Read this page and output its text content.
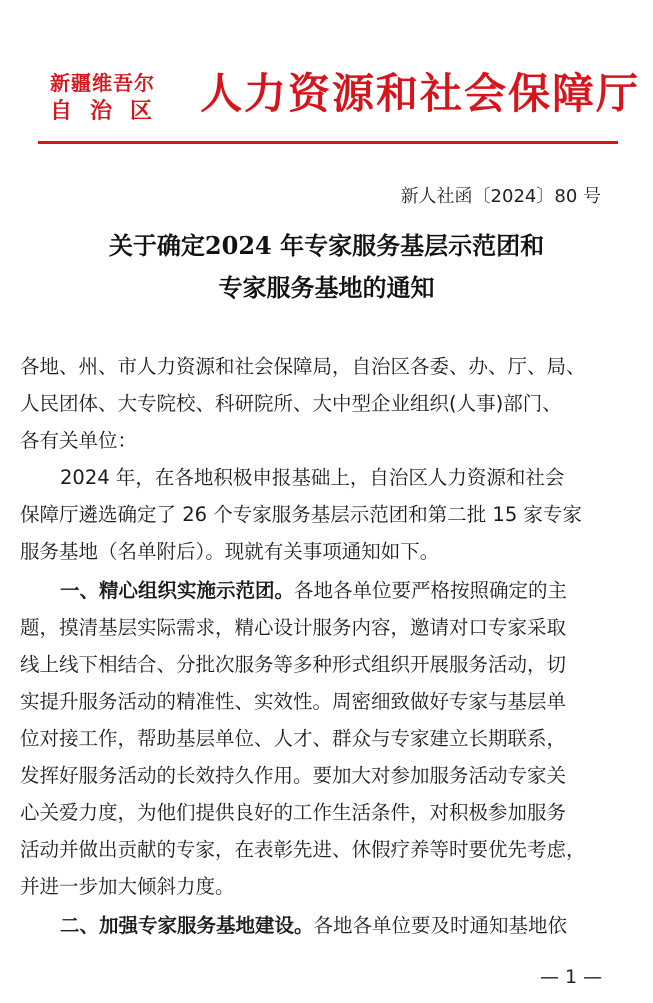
新疆维吾尔
自治区 人力资源和社会保障厅
新人社函〔2024〕80 号
关于确定2024 年专家服务基层示范团和
专家服务基地的通知
各地、州、市人力资源和社会保障局，自治区各委、办、厅、局、
人民团体、大专院校、科研院所、大中型企业组织(人事)部门、
各有关单位：
2024 年，在各地积极申报基础上，自治区人力资源和社会
保障厅遴选确定了 26 个专家服务基层示范团和第二批 15 家专家
服务基地（名单附后）。现就有关事项通知如下。
一、精心组织实施示范团。各地各单位要严格按照确定的主
题，摸清基层实际需求，精心设计服务内容，邀请对口专家采取
线上线下相结合、分批次服务等多种形式组织开展服务活动，切
实提升服务活动的精准性、实效性。周密细致做好专家与基层单
位对接工作，帮助基层单位、人才、群众与专家建立长期联系，
发挥好服务活动的长效持久作用。要加大对参加服务活动专家关
心关爱力度，为他们提供良好的工作生活条件，对积极参加服务
活动并做出贡献的专家，在表彰先进、休假疗养等时要优先考虑，
并进一步加大倾斜力度。
二、加强专家服务基地建设。各地各单位要及时通知基地依
— 1 —
